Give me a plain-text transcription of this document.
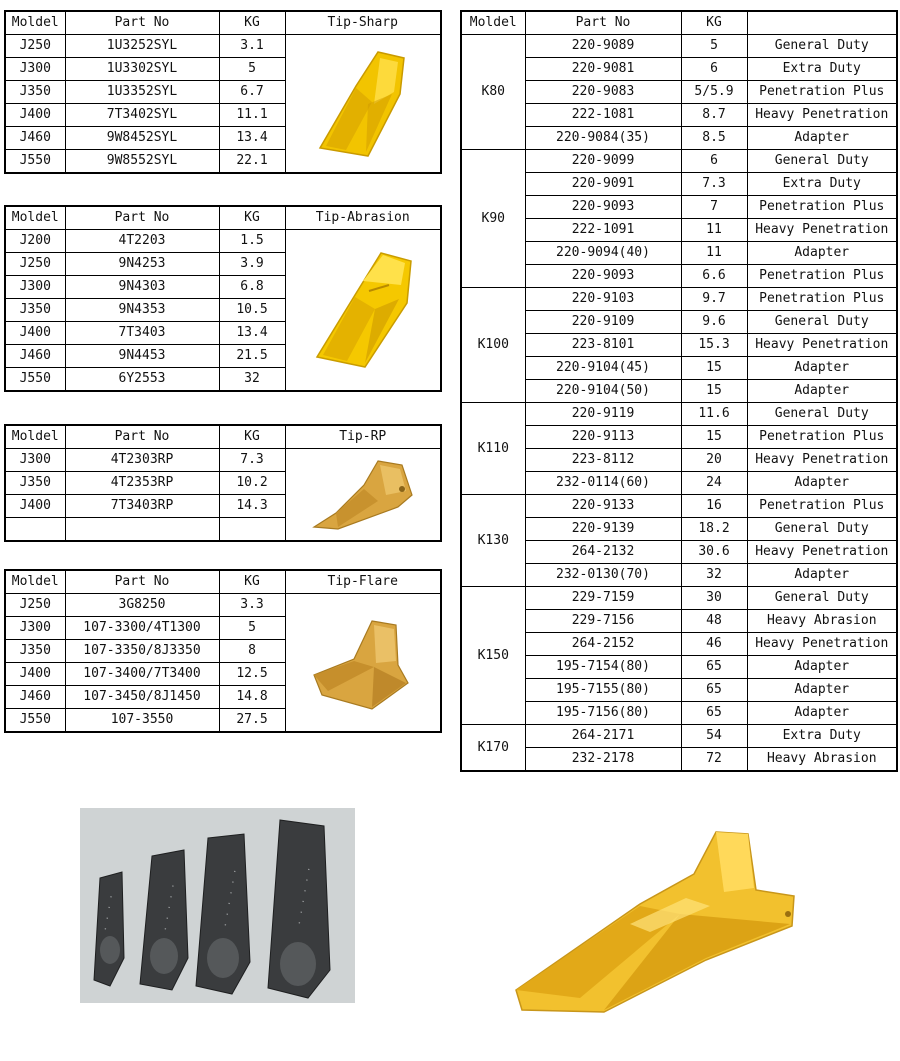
Moldel	Part No	KG	Tip-Sharp
J250	1U3252SYL	3.1	

J300	1U3302SYL	5	
J350	1U3352SYL	6.7	
J400	7T3402SYL	11.1	
J460	9W8452SYL	13.4	
J550	9W8552SYL	22.1	
Moldel	Part No	KG	Tip-Abrasion
J200	4T2203	1.5	

J250	9N4253	3.9	
J300	9N4303	6.8	
J350	9N4353	10.5	
J400	7T3403	13.4	
J460	9N4453	21.5	
J550	6Y2553	32	
Moldel	Part No	KG	Tip-RP
J300	4T2303RP	7.3	

J350	4T2353RP	10.2	
J400	7T3403RP	14.3	

Moldel	Part No	KG	Tip-Flare
J250	3G8250	3.3	

J300	107-3300/4T1300	5	
J350	107-3350/8J3350	8	
J400	107-3400/7T3400	12.5	
J460	107-3450/8J1450	14.8	
J550	107-3550	27.5	
Moldel	Part No	KG	
K80	220-9089	5	General Duty
	220-9081	6	Extra Duty
	220-9083	5/5.9	Penetration Plus
	222-1081	8.7	Heavy Penetration
	220-9084(35)	8.5	Adapter
K90	220-9099	6	General Duty
	220-9091	7.3	Extra Duty
	220-9093	7	Penetration Plus
	222-1091	11	Heavy Penetration
	220-9094(40)	11	Adapter
	220-9093	6.6	Penetration Plus
K100	220-9103	9.7	Penetration Plus
	220-9109	9.6	General Duty
	223-8101	15.3	Heavy Penetration
	220-9104(45)	15	Adapter
	220-9104(50)	15	Adapter
K110	220-9119	11.6	General Duty
	220-9113	15	Penetration Plus
	223-8112	20	Heavy Penetration
	232-0114(60)	24	Adapter
K130	220-9133	16	Penetration Plus
	220-9139	18.2	General Duty
	264-2132	30.6	Heavy Penetration
	232-0130(70)	32	Adapter
K150	229-7159	30	General Duty
	229-7156	48	Heavy Abrasion
	264-2152	46	Heavy Penetration
	195-7154(80)	65	Adapter
	195-7155(80)	65	Adapter
	195-7156(80)	65	Adapter
K170	264-2171	54	Extra Duty
	232-2178	72	Heavy Abrasion
· · · ·	· · · · ·	· · · · · ·	· · · · · ·
